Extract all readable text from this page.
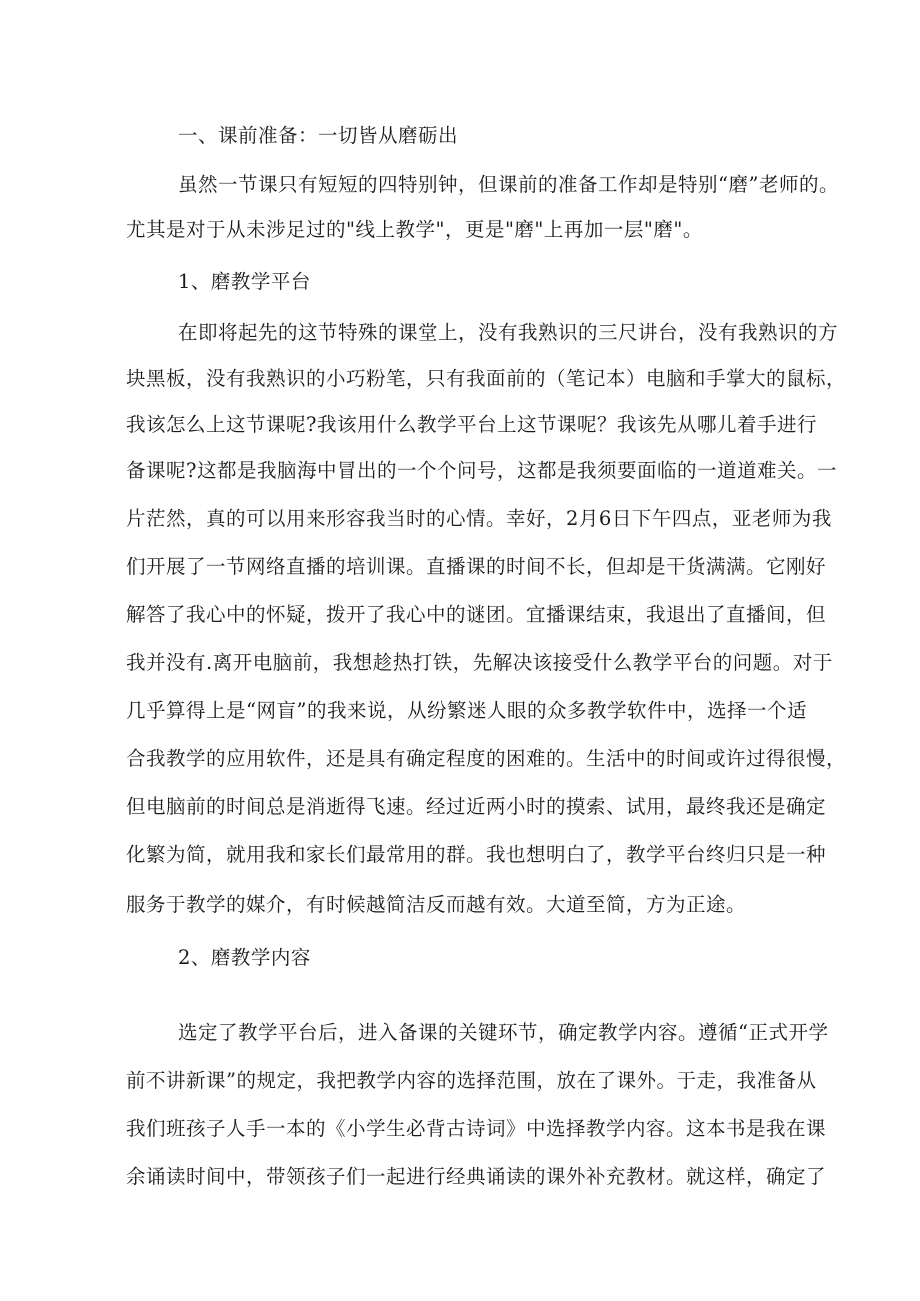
一、课前准备：一切皆从磨砺出
虽然一节课只有短短的四特别钟，但课前的准备工作却是特别“磨”老师的。
尤其是对于从未涉足过的"线上教学"，更是"磨"上再加一层"磨"。
1、磨教学平台
在即将起先的这节特殊的课堂上，没有我熟识的三尺讲台，没有我熟识的方
块黑板，没有我熟识的小巧粉笔，只有我面前的（笔记本）电脑和手掌大的鼠标，
我该怎么上这节课呢?我该用什么教学平台上这节课呢？我该先从哪儿着手进行
备课呢?这都是我脑海中冒出的一个个问号，这都是我须要面临的一道道难关。一
片茫然，真的可以用来形容我当时的心情。幸好，2月6日下午四点，亚老师为我
们开展了一节网络直播的培训课。直播课的时间不长，但却是干货满满。它刚好
解答了我心中的怀疑，拨开了我心中的谜团。宜播课结束，我退出了直播间，但
我并没有.离开电脑前，我想趁热打铁，先解决该接受什么教学平台的问题。对于
几乎算得上是“网盲”的我来说，从纷繁迷人眼的众多教学软件中，选择一个适
合我教学的应用软件，还是具有确定程度的困难的。生活中的时间或许过得很慢，
但电脑前的时间总是消逝得飞速。经过近两小时的摸索、试用，最终我还是确定
化繁为简，就用我和家长们最常用的群。我也想明白了，教学平台终归只是一种
服务于教学的媒介，有时候越简洁反而越有效。大道至简，方为正途。
2、磨教学内容
选定了教学平台后，进入备课的关键环节，确定教学内容。遵循“正式开学
前不讲新课”的规定，我把教学内容的选择范围，放在了课外。于走，我准备从
我们班孩子人手一本的《小学生必背古诗词》中选择教学内容。这本书是我在课
余诵读时间中，带领孩子们一起进行经典诵读的课外补充教材。就这样，确定了
